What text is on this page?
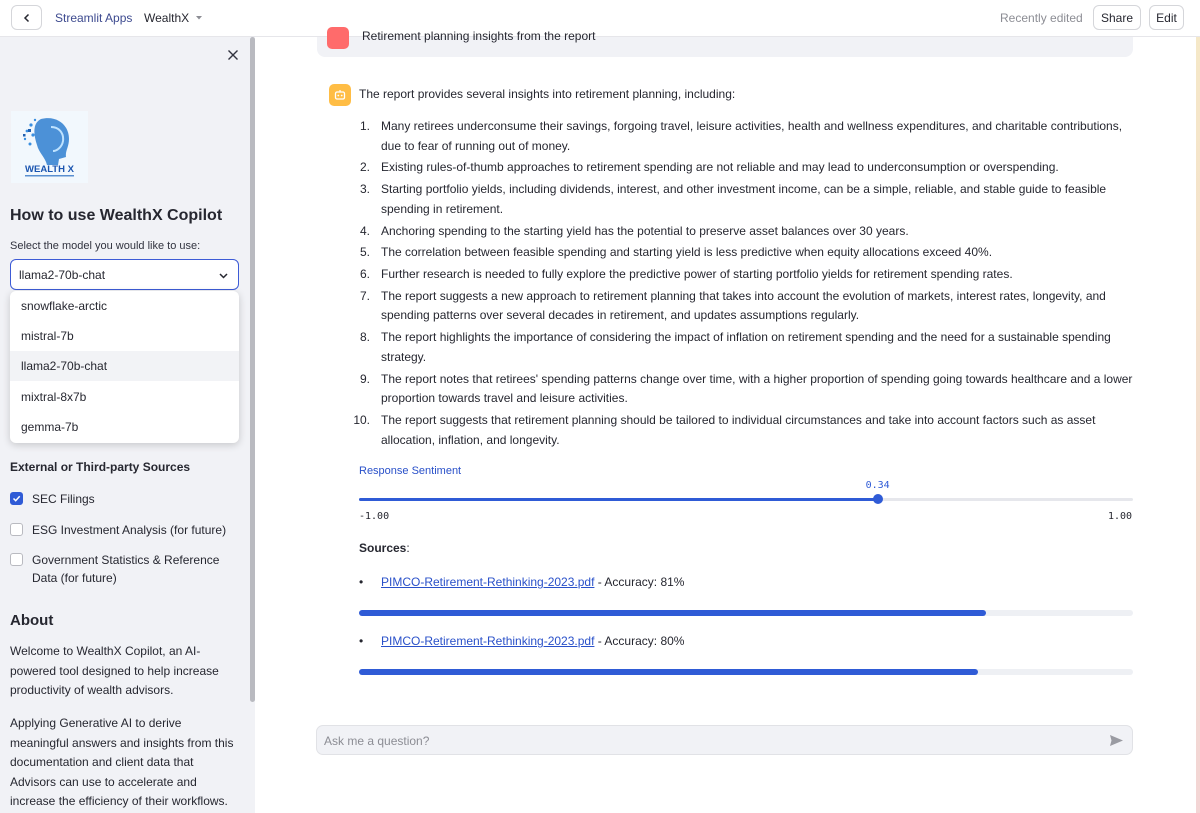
Streamlit Apps WealthX	Recently edited	Share	Edit
WEALTH X
How to use WealthX Copilot
Select the model you would like to use:
llama2-70b-chat
snowflake-arctic
mistral-7b
llama2-70b-chat
mixtral-8x7b
gemma-7b
External or Third-party Sources
SEC Filings
ESG Investment Analysis (for future)
Government Statistics & Reference Data (for future)
About
Welcome to WealthX Copilot, an AI-powered tool designed to help increase productivity of wealth advisors.
Applying Generative AI to derive meaningful answers and insights from this documentation and client data that Advisors can use to accelerate and increase the efficiency of their workflows.
Retirement planning insights from the report
The report provides several insights into retirement planning, including:
1. Many retirees underconsume their savings, forgoing travel, leisure activities, health and wellness expenditures, and charitable contributions, due to fear of running out of money.
2. Existing rules-of-thumb approaches to retirement spending are not reliable and may lead to underconsumption or overspending.
3. Starting portfolio yields, including dividends, interest, and other investment income, can be a simple, reliable, and stable guide to feasible spending in retirement.
4. Anchoring spending to the starting yield has the potential to preserve asset balances over 30 years.
5. The correlation between feasible spending and starting yield is less predictive when equity allocations exceed 40%.
6. Further research is needed to fully explore the predictive power of starting portfolio yields for retirement spending rates.
7. The report suggests a new approach to retirement planning that takes into account the evolution of markets, interest rates, longevity, and spending patterns over several decades in retirement, and updates assumptions regularly.
8. The report highlights the importance of considering the impact of inflation on retirement spending and the need for a sustainable spending strategy.
9. The report notes that retirees' spending patterns change over time, with a higher proportion of spending going towards healthcare and a lower proportion towards travel and leisure activities.
10. The report suggests that retirement planning should be tailored to individual circumstances and take into account factors such as asset allocation, inflation, and longevity.
Response Sentiment
0.34
-1.00	1.00
Sources:
• PIMCO-Retirement-Rethinking-2023.pdf - Accuracy: 81%
• PIMCO-Retirement-Rethinking-2023.pdf - Accuracy: 80%
Ask me a question?
